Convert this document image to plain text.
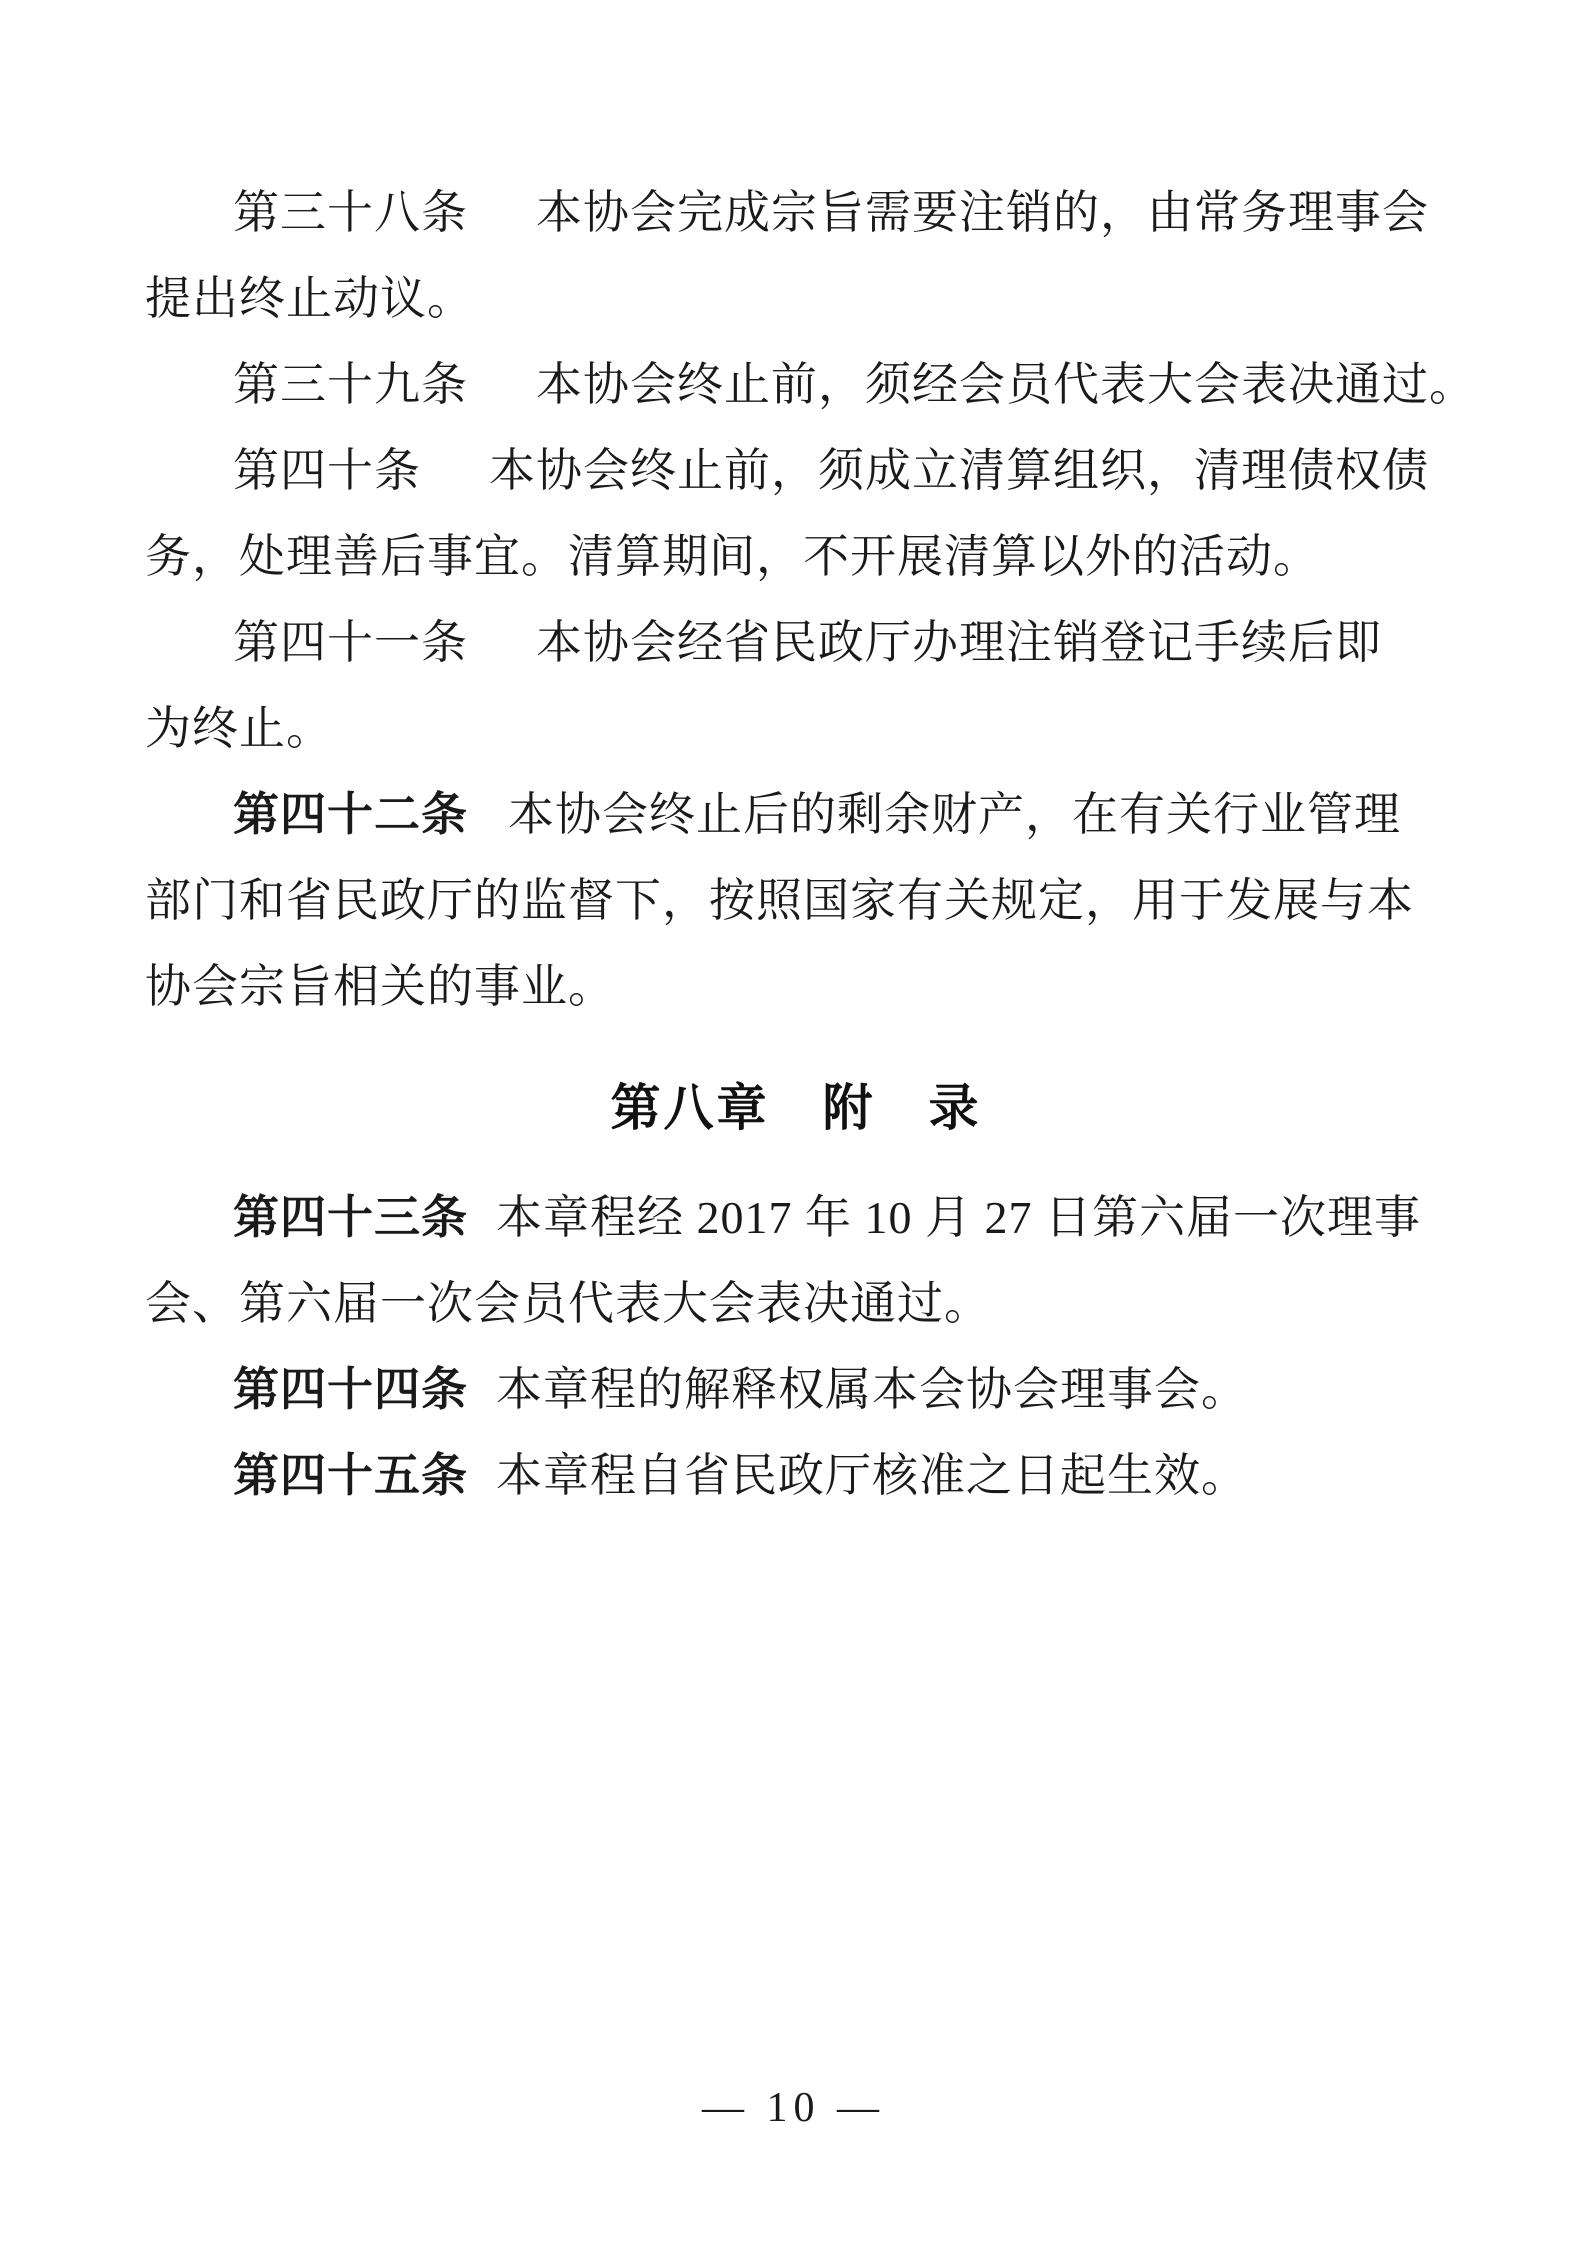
第三十八条 本协会完成宗旨需要注销的，由常务理事会
提出终止动议。
第三十九条 本协会终止前，须经会员代表大会表决通过。
第四十条 本协会终止前，须成立清算组织，清理债权债
务，处理善后事宜。清算期间，不开展清算以外的活动。
第四十一条 本协会经省民政厅办理注销登记手续后即
为终止。
第四十二条 本协会终止后的剩余财产，在有关行业管理
部门和省民政厅的监督下，按照国家有关规定，用于发展与本
协会宗旨相关的事业。
第八章　附　录
第四十三条 本章程经 2017 年 10 月 27 日第六届一次理事
会、第六届一次会员代表大会表决通过。
第四十四条 本章程的解释权属本会协会理事会。
第四十五条 本章程自省民政厅核准之日起生效。
— 10 —
